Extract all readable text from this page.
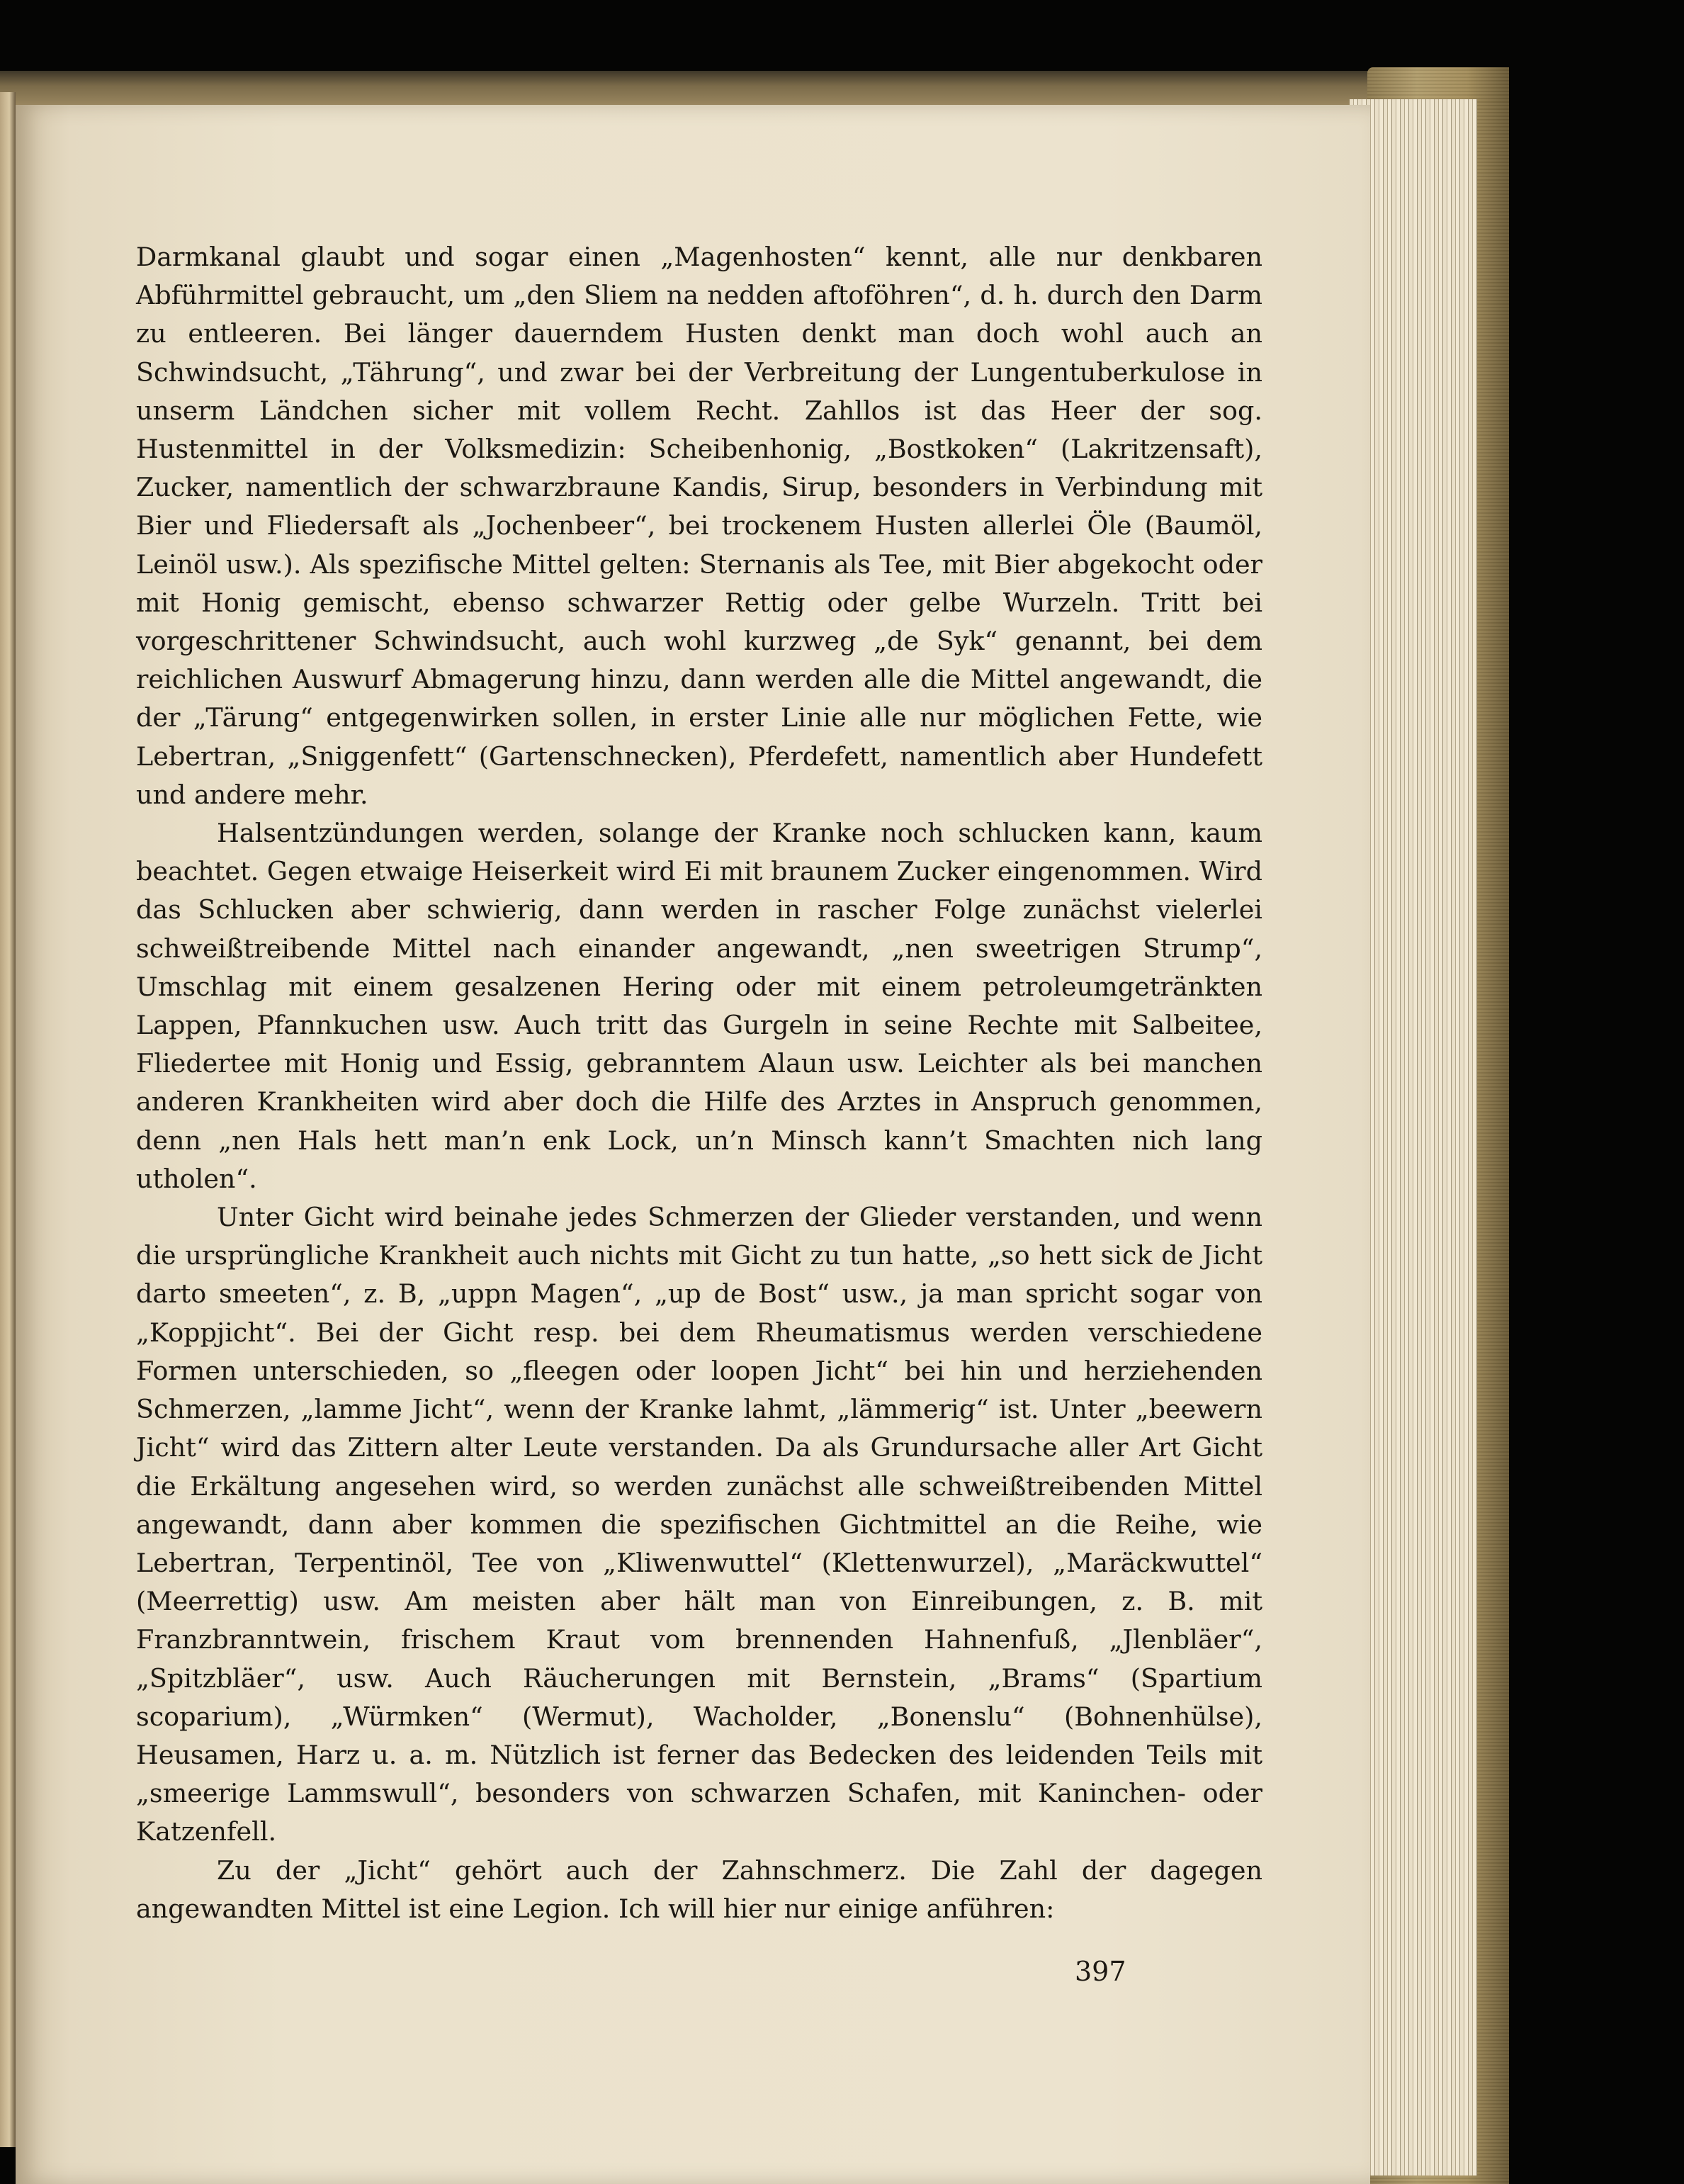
Darmkanal glaubt und sogar einen „Magenhosten“ kennt, alle nur denkbaren Abführmittel gebraucht, um „den Sliem na nedden aftoföhren“, d. h. durch den Darm zu entleeren. Bei länger dauerndem Husten denkt man doch wohl auch an Schwindsucht, „Tährung“, und zwar bei der Verbreitung der Lungentuberkulose in unserm Ländchen sicher mit vollem Recht. Zahllos ist das Heer der sog. Hustenmittel in der Volksmedizin: Scheibenhonig, „Bostkoken“ (Lakritzensaft), Zucker, namentlich der schwarzbraune Kandis, Sirup, besonders in Verbindung mit Bier und Fliedersaft als „Jochenbeer“, bei trockenem Husten allerlei Öle (Baumöl, Leinöl usw.). Als spezifische Mittel gelten: Sternanis als Tee, mit Bier abgekocht oder mit Honig gemischt, ebenso schwarzer Rettig oder gelbe Wurzeln. Tritt bei vorgeschrittener Schwindsucht, auch wohl kurzweg „de Syk“ genannt, bei dem reichlichen Auswurf Abmagerung hinzu, dann werden alle die Mittel angewandt, die der „Tärung“ entgegenwirken sollen, in erster Linie alle nur möglichen Fette, wie Lebertran, „Sniggenfett“ (Gartenschnecken), Pferdefett, namentlich aber Hundefett und andere mehr.

Halsentzündungen werden, solange der Kranke noch schlucken kann, kaum beachtet. Gegen etwaige Heiserkeit wird Ei mit braunem Zucker eingenommen. Wird das Schlucken aber schwierig, dann werden in rascher Folge zunächst vielerlei schweißtreibende Mittel nach einander angewandt, „nen sweetrigen Strump“, Umschlag mit einem gesalzenen Hering oder mit einem petroleumgetränkten Lappen, Pfannkuchen usw. Auch tritt das Gurgeln in seine Rechte mit Salbeitee, Fliedertee mit Honig und Essig, gebranntem Alaun usw. Leichter als bei manchen anderen Krankheiten wird aber doch die Hilfe des Arztes in Anspruch genommen, denn „nen Hals hett man’n enk Lock, un’n Minsch kann’t Smachten nich lang utholen“.

Unter Gicht wird beinahe jedes Schmerzen der Glieder verstanden, und wenn die ursprüngliche Krankheit auch nichts mit Gicht zu tun hatte, „so hett sick de Jicht darto smeeten“, z. B, „uppn Magen“, „up de Bost“ usw., ja man spricht sogar von „Koppjicht“. Bei der Gicht resp. bei dem Rheumatismus werden verschiedene Formen unterschieden, so „fleegen oder loopen Jicht“ bei hin und herziehenden Schmerzen, „lamme Jicht“, wenn der Kranke lahmt, „lämmerig“ ist. Unter „beewern Jicht“ wird das Zittern alter Leute verstanden. Da als Grundursache aller Art Gicht die Erkältung angesehen wird, so werden zunächst alle schweißtreibenden Mittel angewandt, dann aber kommen die spezifischen Gichtmittel an die Reihe, wie Lebertran, Terpentinöl, Tee von „Kliwenwuttel“ (Klettenwurzel), „Maräckwuttel“ (Meerrettig) usw. Am meisten aber hält man von Einreibungen, z. B. mit Franzbranntwein, frischem Kraut vom brennenden Hahnenfuß, „Jlenbläer“, „Spitzbläer“, usw. Auch Räucherungen mit Bernstein, „Brams“ (Spartium scoparium), „Würmken“ (Wermut), Wacholder, „Bonenslu“ (Bohnenhülse), Heusamen, Harz u. a. m. Nützlich ist ferner das Bedecken des leidenden Teils mit „smeerige Lammswull“, besonders von schwarzen Schafen, mit Kaninchen- oder Katzenfell.

Zu der „Jicht“ gehört auch der Zahnschmerz. Die Zahl der dagegen angewandten Mittel ist eine Legion. Ich will hier nur einige anführen:

397
